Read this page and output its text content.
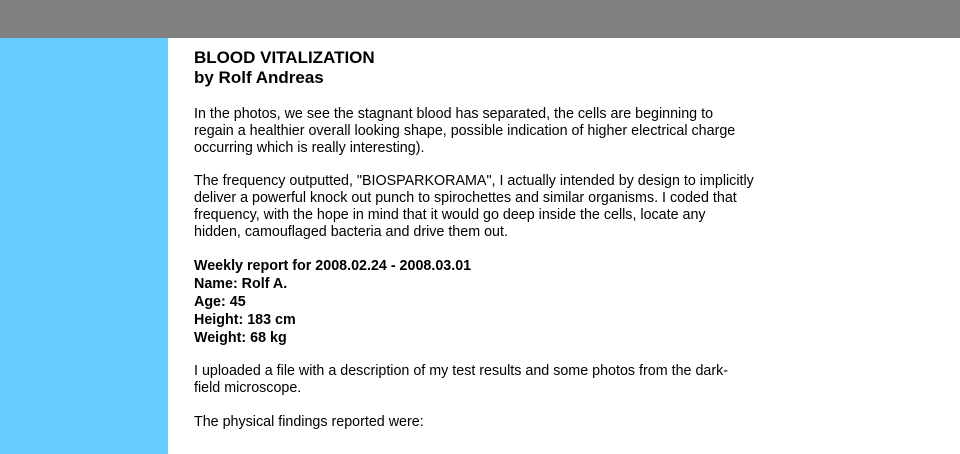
BLOOD VITALIZATION
by Rolf Andreas

In the photos, we see the stagnant blood has separated, the cells are beginning to regain a healthier overall looking shape, possible indication of higher electrical charge occurring which is really interesting).

The frequency outputted, "BIOSPARKORAMA", I actually intended by design to implicitly deliver a powerful knock out punch to spirochettes and similar organisms. I coded that frequency, with the hope in mind that it would go deep inside the cells, locate any hidden, camouflaged bacteria and drive them out.

Weekly report for 2008.02.24 - 2008.03.01
Name: Rolf A.
Age: 45
Height: 183 cm
Weight: 68 kg

I uploaded a file with a description of my test results and some photos from the dark-field microscope.

The physical findings reported were:
